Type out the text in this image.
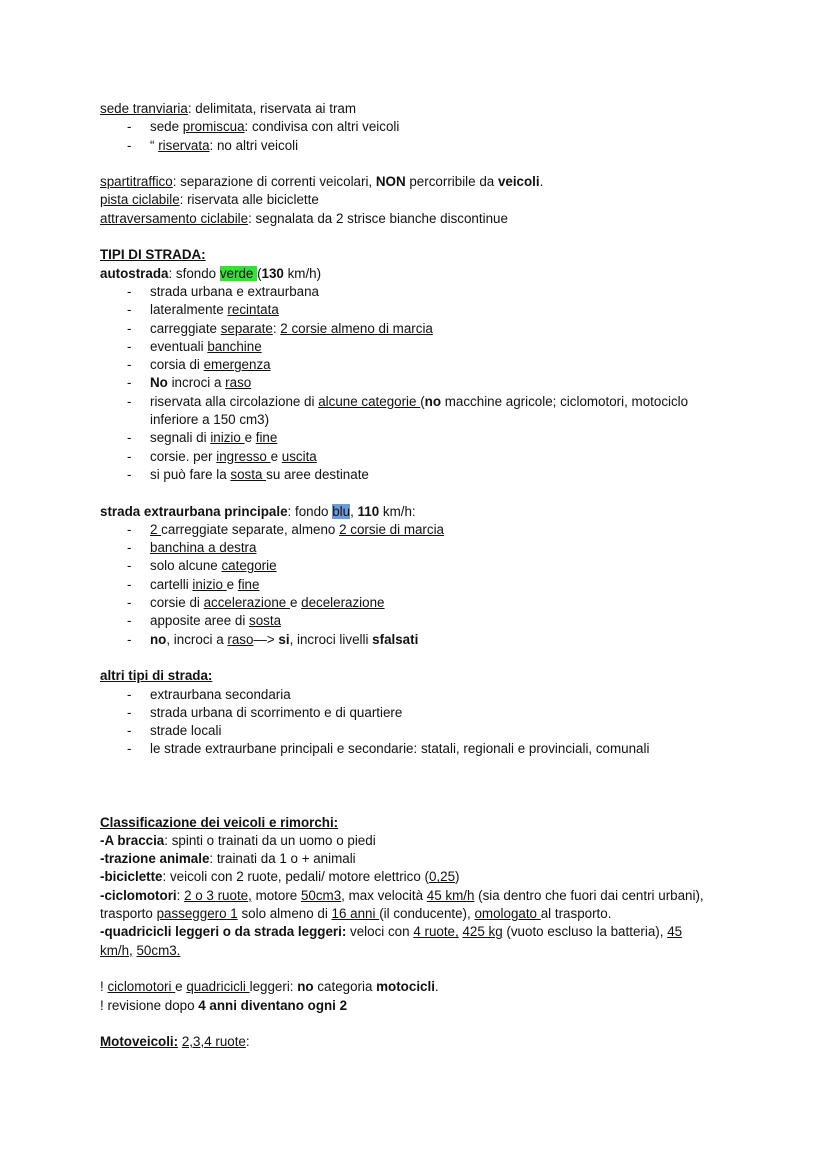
sede tranviaria: delimitata, riservata ai tram
- sede promiscua: condivisa con altri veicoli
- “ riservata: no altri veicoli
spartitraffico: separazione di correnti veicolari, NON percorribile da veicoli.
pista ciclabile: riservata alle biciclette
attraversamento ciclabile: segnalata da 2 strisce bianche discontinue
TIPI DI STRADA:
autostrada: sfondo verde (130 km/h)
- strada urbana e extraurbana
- lateralmente recintata
- carreggiate separate: 2 corsie almeno di marcia
- eventuali banchine
- corsia di emergenza
- No incroci a raso
- riservata alla circolazione di alcune categorie (no macchine agricole; ciclomotori, motociclo
inferiore a 150 cm3)
- segnali di inizio e fine
- corsie. per ingresso e uscita
- si può fare la sosta su aree destinate
strada extraurbana principale: fondo blu, 110 km/h:
- 2 carreggiate separate, almeno 2 corsie di marcia
- banchina a destra
- solo alcune categorie
- cartelli inizio e fine
- corsie di accelerazione e decelerazione
- apposite aree di sosta
- no, incroci a raso—> si, incroci livelli sfalsati
altri tipi di strada:
- extraurbana secondaria
- strada urbana di scorrimento e di quartiere
- strade locali
- le strade extraurbane principali e secondarie: statali, regionali e provinciali, comunali
Classificazione dei veicoli e rimorchi:
-A braccia: spinti o trainati da un uomo o piedi
-trazione animale: trainati da 1 o + animali
-biciclette: veicoli con 2 ruote, pedali/ motore elettrico (0,25)
-ciclomotori: 2 o 3 ruote, motore 50cm3, max velocità 45 km/h (sia dentro che fuori dai centri urbani),
trasporto passeggero 1 solo almeno di 16 anni (il conducente), omologato al trasporto.
-quadricicli leggeri o da strada leggeri: veloci con 4 ruote, 425 kg (vuoto escluso la batteria), 45
km/h, 50cm3.
! ciclomotori e quadricicli leggeri: no categoria motocicli.
! revisione dopo 4 anni diventano ogni 2
Motoveicoli: 2,3,4 ruote:
